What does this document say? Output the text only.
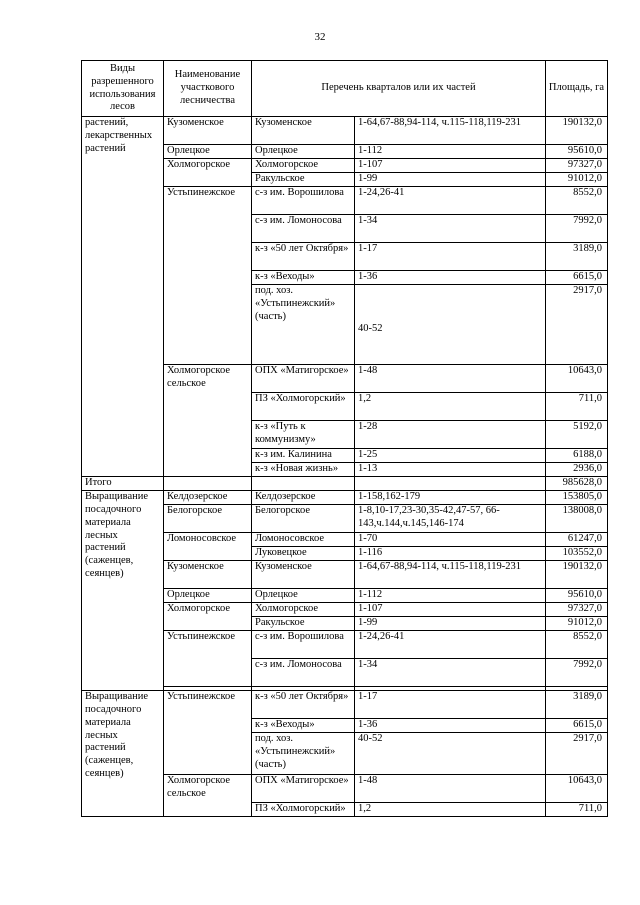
32
Виды разрешенного использования лесов	Наименование участкового лесничества	Перечень кварталов или их частей		Площадь, га
растений, лекарственных растений	Кузоменское	Кузоменское	1-64,67-88,94-114, ч.115-118,119-231	190132,0
	Орлецкое	Орлецкое	1-112	95610,0
	Холмогорское	Холмогорское	1-107	97327,0
		Ракульское	1-99	91012,0
	Устьпинежское	с-з им. Ворошилова	1-24,26-41	8552,0
		с-з им. Ломоносова	1-34	7992,0
		к-з «50 лет Октября»	1-17	3189,0
		к-з «Веходы»	1-36	6615,0
		под. хоз. «Устьпинежский» (часть)	40-52	2917,0
	Холмогорское сельское	ОПХ «Матигорское»	1-48	10643,0
		ПЗ «Холмогорский»	1,2	711,0
		к-з «Путь к коммунизму»	1-28	5192,0
		к-з им. Калинина	1-25	6188,0
		к-з «Новая жизнь»	1-13	2936,0
Итого				985628,0
Выращивание посадочного материала лесных растений (саженцев, сеянцев)	Келдозерское	Келдозерское	1-158,162-179	153805,0
	Белогорское	Белогорское	1-8,10-17,23-30,35-42,47-57, 66-143,ч.144,ч.145,146-174	138008,0
	Ломоносовское	Ломоносовское	1-70	61247,0
		Луковецкое	1-116	103552,0
	Кузоменское	Кузоменское	1-64,67-88,94-114, ч.115-118,119-231	190132,0
	Орлецкое	Орлецкое	1-112	95610,0
	Холмогорское	Холмогорское	1-107	97327,0
		Ракульское	1-99	91012,0
	Устьпинежское	с-з им. Ворошилова	1-24,26-41	8552,0
		с-з им. Ломоносова	1-34	7992,0

Выращивание посадочного материала лесных растений (саженцев, сеянцев)	Устьпинежское	к-з «50 лет Октября»	1-17	3189,0
		к-з «Веходы»	1-36	6615,0
		под. хоз. «Устьпинежский» (часть)	40-52	2917,0
	Холмогорское сельское	ОПХ «Матигорское»	1-48	10643,0
		ПЗ «Холмогорский»	1,2	711,0
